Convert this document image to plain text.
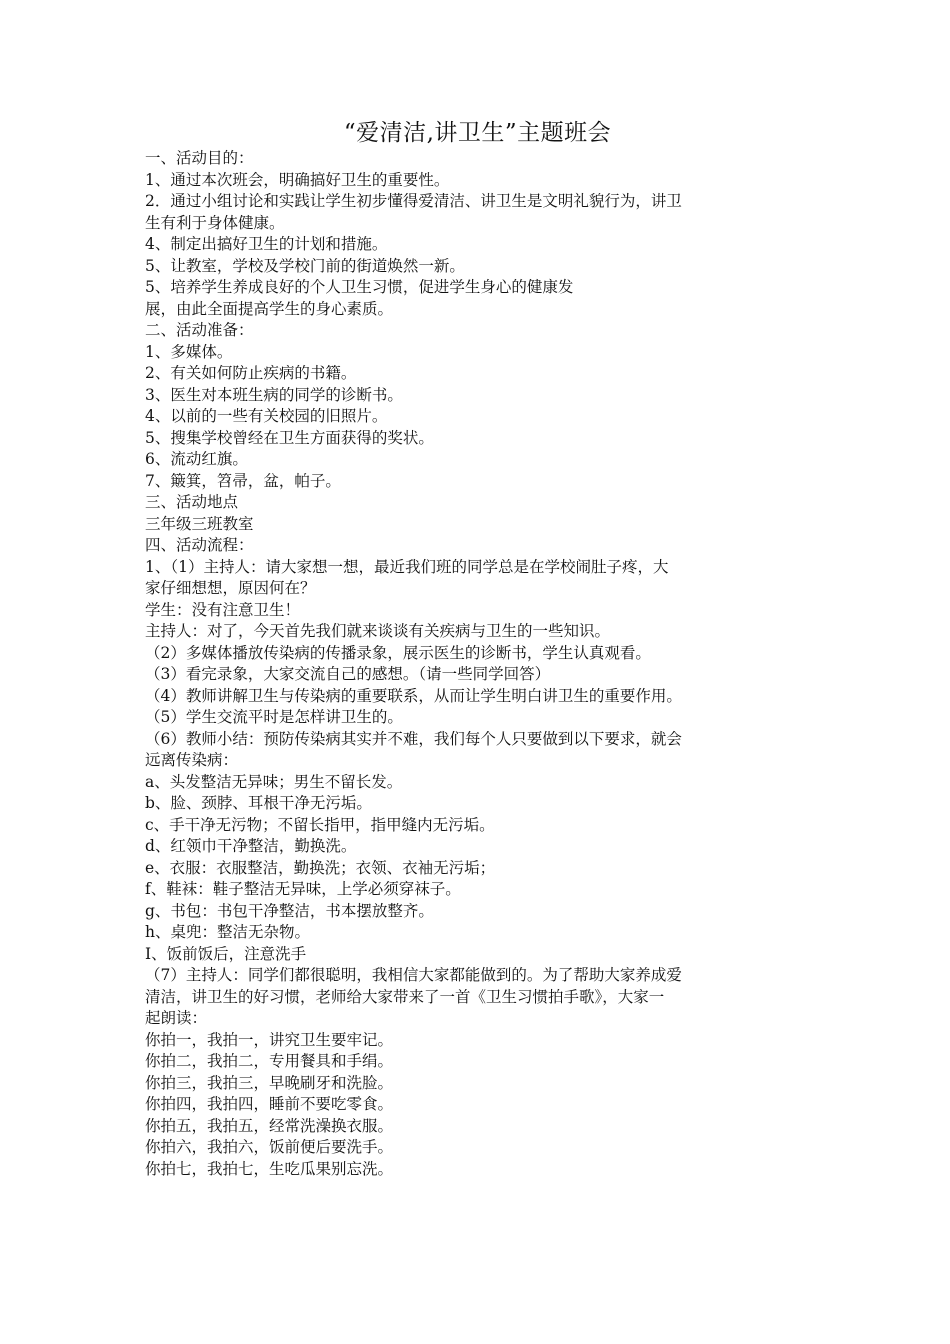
“爱清洁,讲卫生”主题班会

一、活动目的：

1、通过本次班会，明确搞好卫生的重要性。

2．通过小组讨论和实践让学生初步懂得爱清洁、讲卫生是文明礼貌行为，讲卫

生有利于身体健康。

4、制定出搞好卫生的计划和措施。

5、让教室，学校及学校门前的街道焕然一新。

5、培养学生养成良好的个人卫生习惯，促进学生身心的健康发

展，由此全面提高学生的身心素质。

二、活动准备：

1、多媒体。

2、有关如何防止疾病的书籍。

3、医生对本班生病的同学的诊断书。

4、以前的一些有关校园的旧照片。

5、搜集学校曾经在卫生方面获得的奖状。

6、流动红旗。

7、簸箕，笤帚，盆，帕子。

三、活动地点

三年级三班教室

四、活动流程：

1、（1）主持人：请大家想一想，最近我们班的同学总是在学校闹肚子疼，大

家仔细想想，原因何在？

学生：没有注意卫生！

主持人：对了，今天首先我们就来谈谈有关疾病与卫生的一些知识。

（2）多媒体播放传染病的传播录象，展示医生的诊断书，学生认真观看。

（3）看完录象，大家交流自己的感想。（请一些同学回答）

（4）教师讲解卫生与传染病的重要联系，从而让学生明白讲卫生的重要作用。

（5）学生交流平时是怎样讲卫生的。

（6）教师小结：预防传染病其实并不难，我们每个人只要做到以下要求，就会

远离传染病：

a、头发整洁无异味；男生不留长发。

b、脸、颈脖、耳根干净无污垢。

c、手干净无污物；不留长指甲，指甲缝内无污垢。

d、红领巾干净整洁，勤换洗。

e、衣服：衣服整洁，勤换洗；衣领、衣袖无污垢；

f、鞋袜：鞋子整洁无异味，上学必须穿袜子。

g、书包：书包干净整洁，书本摆放整齐。

h、桌兜：整洁无杂物。

I、饭前饭后，注意洗手

（7）主持人：同学们都很聪明，我相信大家都能做到的。为了帮助大家养成爱

清洁，讲卫生的好习惯，老师给大家带来了一首《卫生习惯拍手歌》，大家一

起朗读：

你拍一，我拍一，讲究卫生要牢记。

你拍二，我拍二，专用餐具和手绢。

你拍三，我拍三，早晚刷牙和洗脸。

你拍四，我拍四，睡前不要吃零食。

你拍五，我拍五，经常洗澡换衣服。

你拍六，我拍六，饭前便后要洗手。

你拍七，我拍七，生吃瓜果别忘洗。
